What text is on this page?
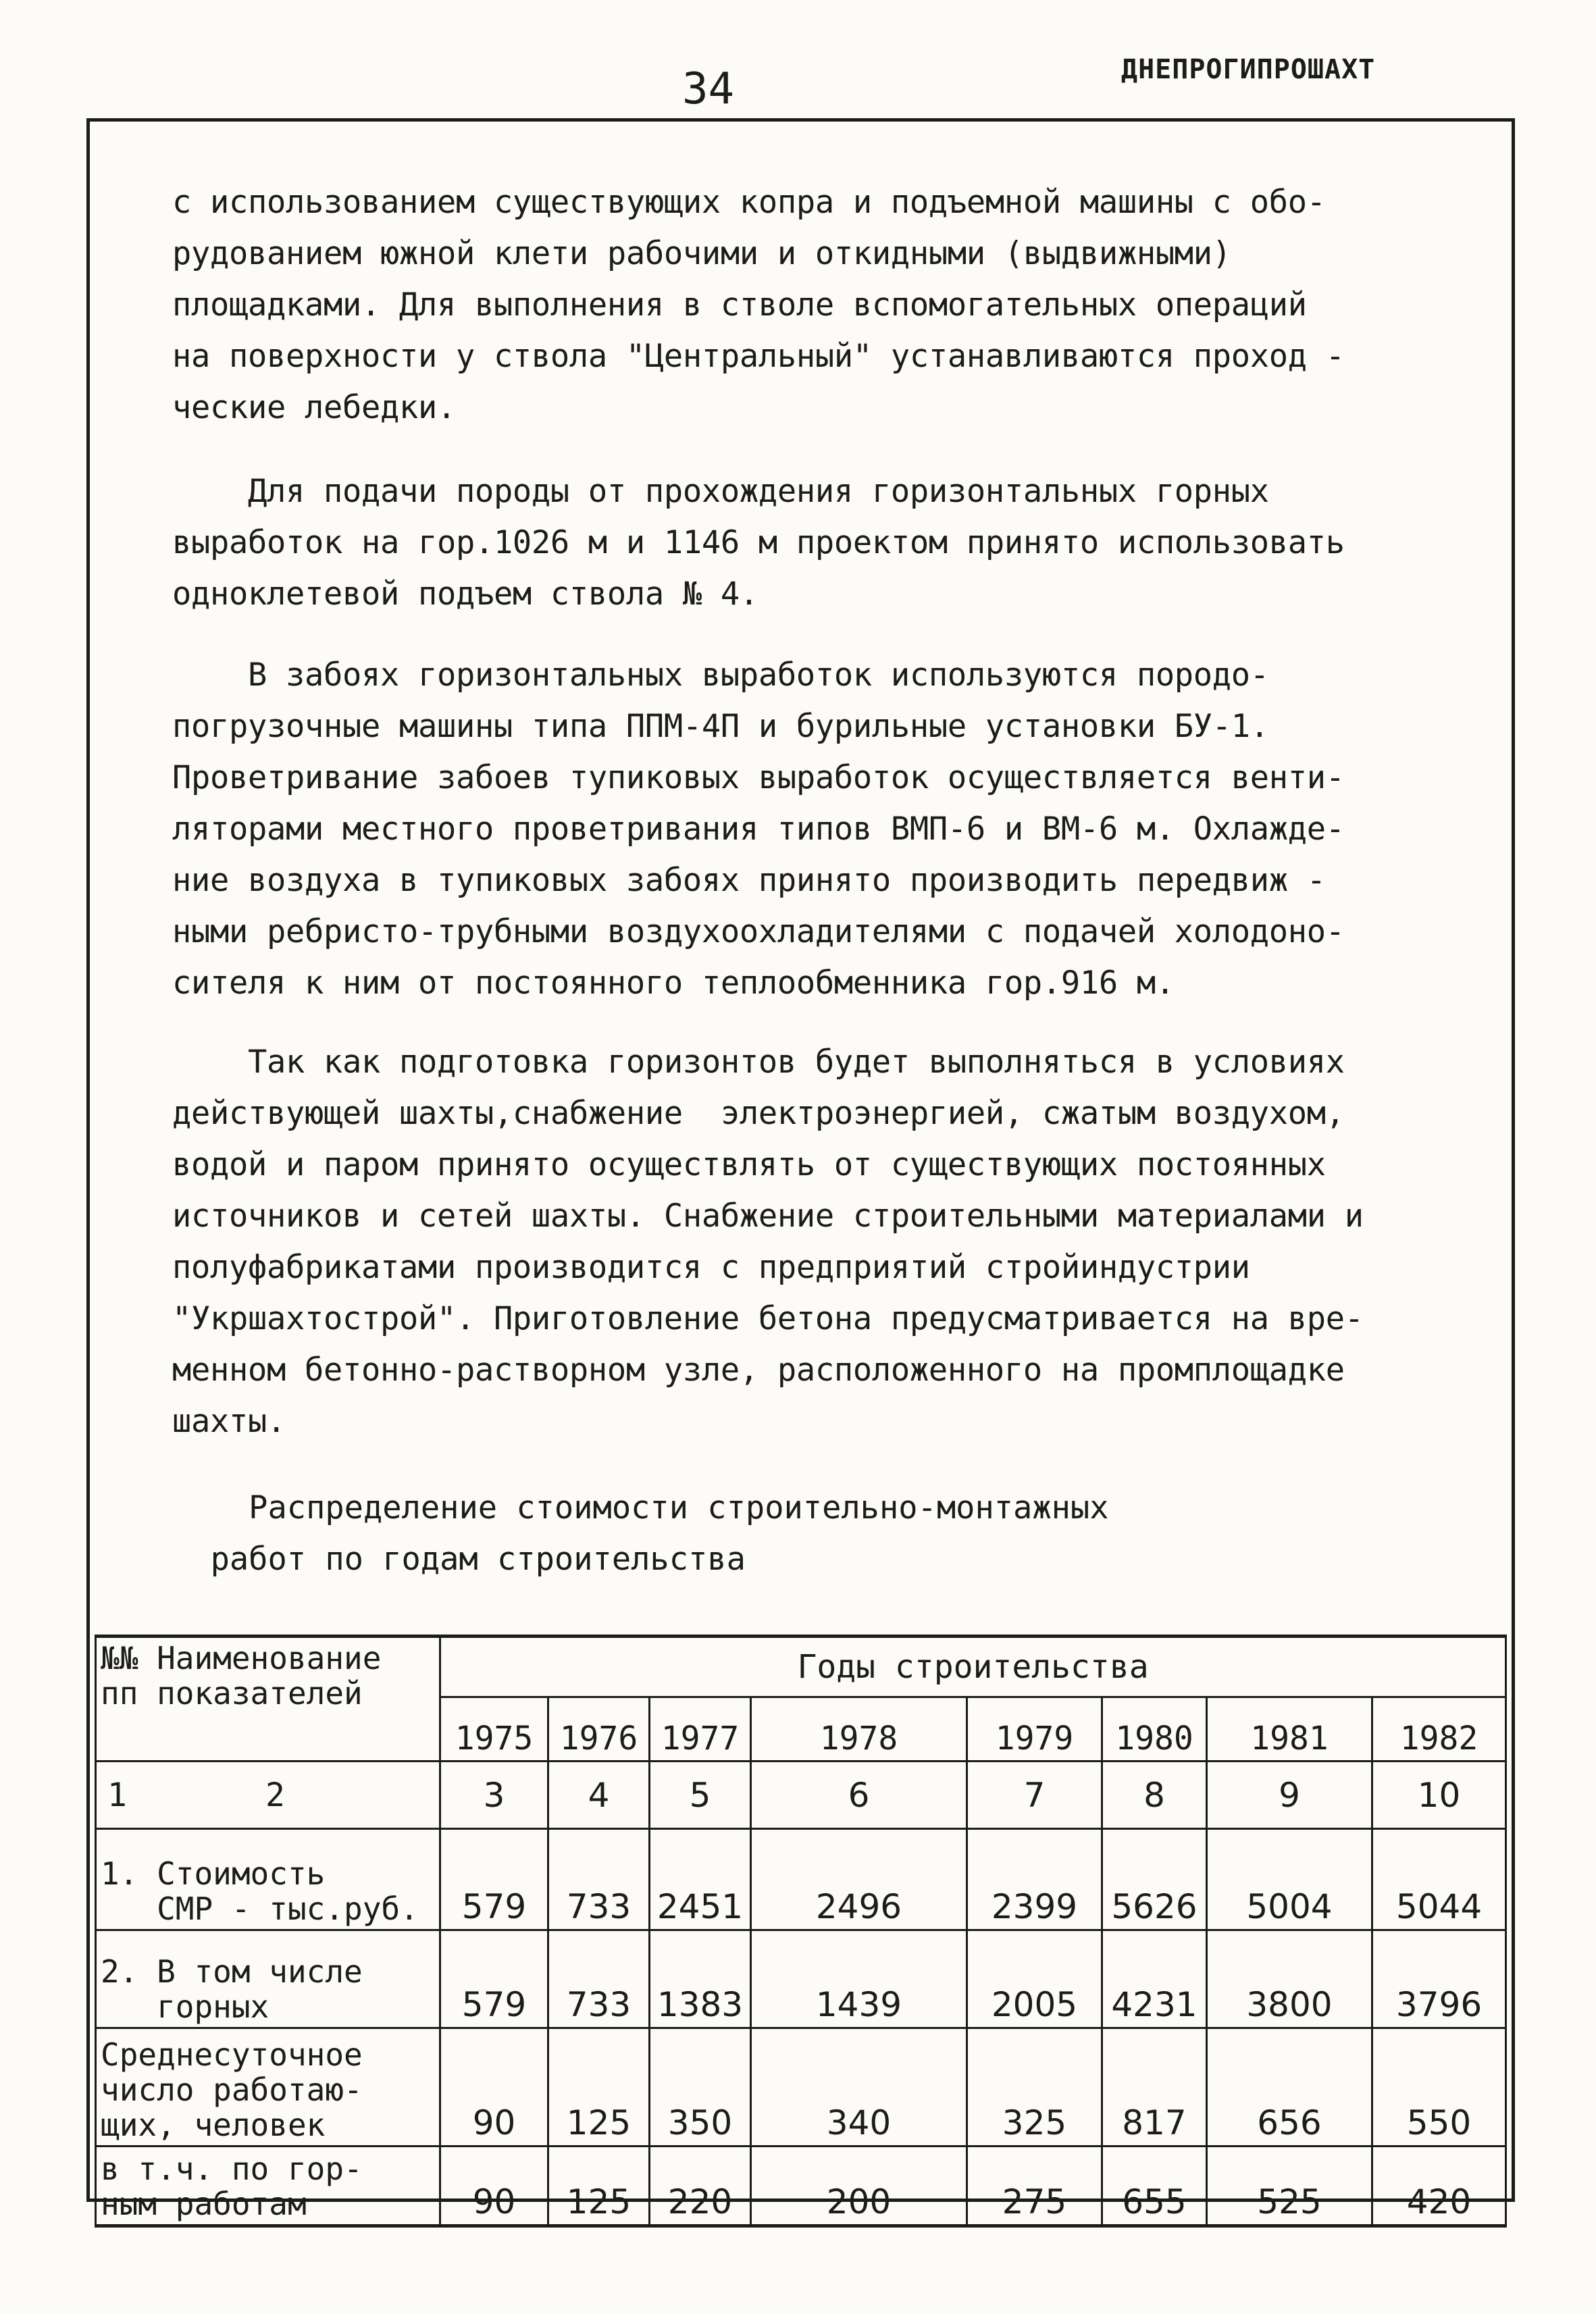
34	ДНЕПРОГИПРОШАХТ

с использованием существующих копра и подъемной машины с обо-
рудованием южной клети рабочими и откидными (выдвижными)
площадками. Для выполнения в стволе вспомогательных операций
на поверхности у ствола "Центральный" устанавливаются проход -
ческие лебедки.

Для подачи породы от прохождения горизонтальных горных
выработок на гор.1026 м и 1146 м проектом принято использовать
одноклетевой подъем ствола № 4.

В забоях горизонтальных выработок используются породо-
погрузочные машины типа ППМ-4П и бурильные установки БУ-1.
Проветривание забоев тупиковых выработок осуществляется венти-
ляторами местного проветривания типов ВМП-6 и ВМ-6 м. Охлажде-
ние воздуха в тупиковых забоях принято производить передвиж -
ными ребристо-трубными воздухоохладителями с подачей холодоно-
сителя к ним от постоянного теплообменника гор.916 м.

Так как подготовка горизонтов будет выполняться в условиях
действующей шахты,снабжение  электроэнергией, сжатым воздухом,
водой и паром принято осуществлять от существующих постоянных
источников и сетей шахты. Снабжение строительными материалами и
полуфабрикатами производится с предприятий стройиндустрии
"Укршахтострой". Приготовление бетона предусматривается на вре-
менном бетонно-растворном узле, расположенного на промплощадке
шахты.

Распределение стоимости строительно-монтажных
работ по годам строительства

№№ Наименование
пп показателей	Годы строительства							
	1975	1976	1977	1978	1979	1980	1981	1982
1 2	3	4	5	6	7	8	9	10
1. Стоимость
СМР - тыс.руб.	579	733	2451	2496	2399	5626	5004	5044
2. В том числе
горных	579	733	1383	1439	2005	4231	3800	3796
Среднесуточное
число работаю-
щих, человек	90	125	350	340	325	817	656	550
в т.ч. по гор-
ным работам	90	125	220	200	275	655	525	420
